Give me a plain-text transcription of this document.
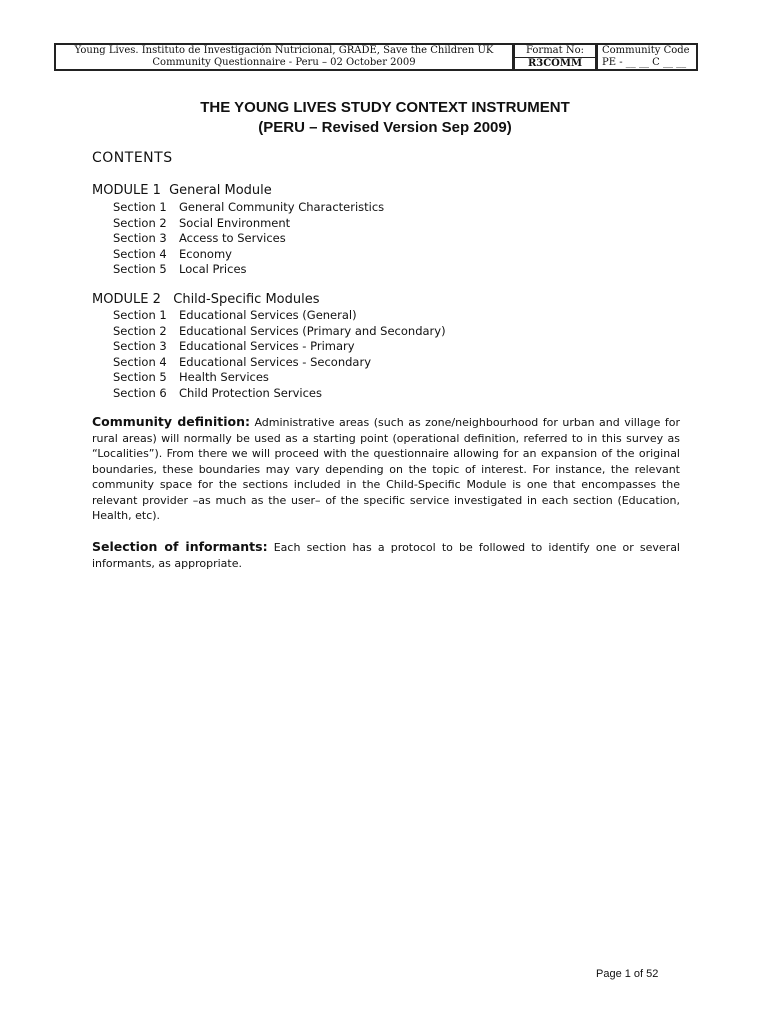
Young Lives. Instituto de Investigación Nutricional, GRADE, Save the Children UK
Community Questionnaire - Peru – 02 October 2009
Format No:
R3COMM
Community Code
PE - __ __ C __ __
THE YOUNG LIVES STUDY CONTEXT INSTRUMENT
(PERU – Revised Version Sep 2009)
CONTENTS
MODULE 1 General Module
Section 1	General Community Characteristics
Section 2	Social Environment
Section 3	Access to Services
Section 4	Economy
Section 5	Local Prices
MODULE 2 Child-Specific Modules
Section 1	Educational Services (General)
Section 2	Educational Services (Primary and Secondary)
Section 3	Educational Services - Primary
Section 4	Educational Services - Secondary
Section 5	Health Services
Section 6	Child Protection Services
Community definition: Administrative areas (such as zone/neighbourhood for urban and village for rural areas) will normally be used as a starting point (operational definition, referred to in this survey as “Localities”). From there we will proceed with the questionnaire allowing for an expansion of the original boundaries, these boundaries may vary depending on the topic of interest. For instance, the relevant community space for the sections included in the Child-Specific Module is one that encompasses the relevant provider –as much as the user– of the specific service investigated in each section (Education, Health, etc).
Selection of informants: Each section has a protocol to be followed to identify one or several informants, as appropriate.
Page 1 of 52
